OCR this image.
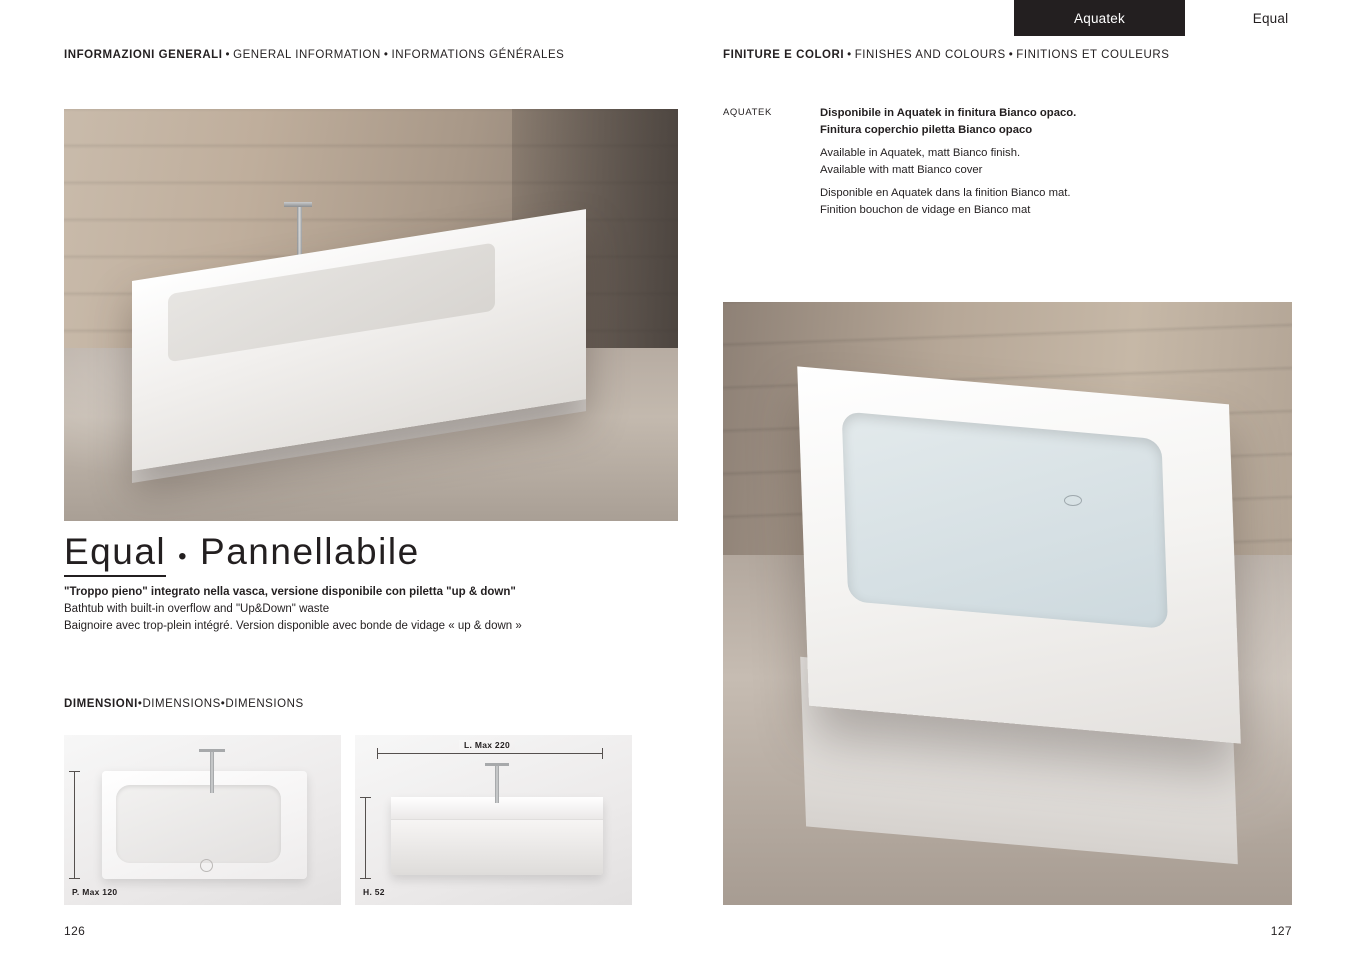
Aquatek	Equal
INFORMAZIONI GENERALI • GENERAL INFORMATION • INFORMATIONS GÉNÉRALES
Equal • Pannellabile
"Troppo pieno" integrato nella vasca, versione disponibile con piletta "up & down"
Bathtub with built-in overflow and "Up&Down" waste
Baignoire avec trop-plein intégré. Version disponible avec bonde de vidage « up & down »
DIMENSIONI•DIMENSIONS•DIMENSIONS
P. Max 120
L. Max 220
H. 52
126
FINITURE E COLORI • FINISHES AND COLOURS • FINITIONS ET COULEURS
AQUATEK	Disponibile in Aquatek in finitura Bianco opaco.
Finitura coperchio piletta Bianco opaco
Available in Aquatek, matt Bianco finish.
Available with matt Bianco cover
Disponible en Aquatek dans la finition Bianco mat.
Finition bouchon de vidage en Bianco mat
127
